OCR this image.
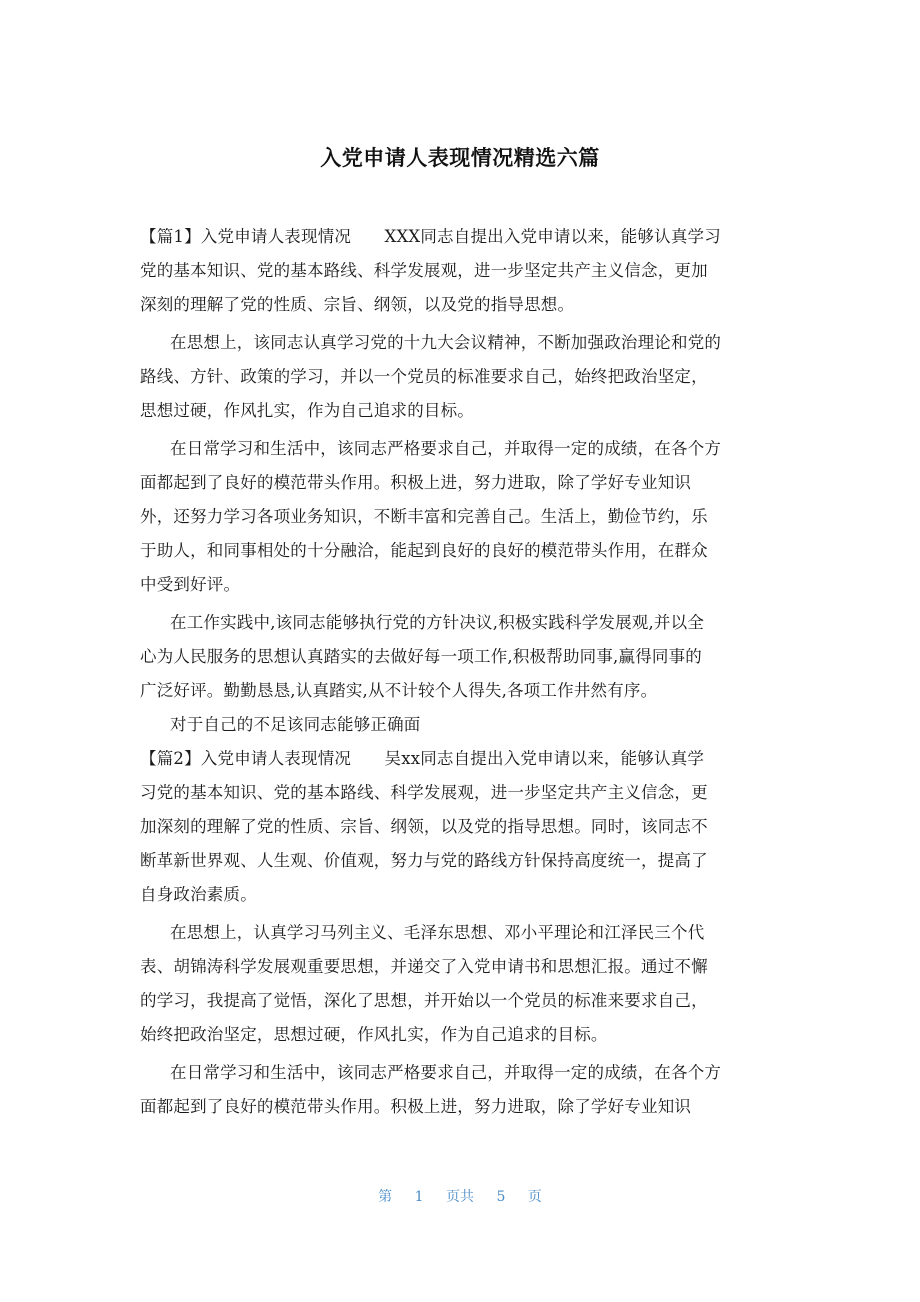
入党申请人表现情况精选六篇
【篇1】入党申请人表现情况　　XXX同志自提出入党申请以来，能够认真学习
党的基本知识、党的基本路线、科学发展观，进一步坚定共产主义信念，更加
深刻的理解了党的性质、宗旨、纲领，以及党的指导思想。
在思想上，该同志认真学习党的十九大会议精神，不断加强政治理论和党的
路线、方针、政策的学习，并以一个党员的标准要求自己，始终把政治坚定，
思想过硬，作风扎实，作为自己追求的目标。
在日常学习和生活中，该同志严格要求自己，并取得一定的成绩，在各个方
面都起到了良好的模范带头作用。积极上进，努力进取，除了学好专业知识
外，还努力学习各项业务知识，不断丰富和完善自己。生活上，勤俭节约，乐
于助人，和同事相处的十分融洽，能起到良好的良好的模范带头作用，在群众
中受到好评。
在工作实践中,该同志能够执行党的方针决议,积极实践科学发展观,并以全
心为人民服务的思想认真踏实的去做好每一项工作,积极帮助同事,赢得同事的
广泛好评。勤勤恳恳,认真踏实,从不计较个人得失,各项工作井然有序。
对于自己的不足该同志能够正确面
【篇2】入党申请人表现情况　　吴xx同志自提出入党申请以来，能够认真学
习党的基本知识、党的基本路线、科学发展观，进一步坚定共产主义信念，更
加深刻的理解了党的性质、宗旨、纲领，以及党的指导思想。同时，该同志不
断革新世界观、人生观、价值观，努力与党的路线方针保持高度统一，提高了
自身政治素质。
在思想上，认真学习马列主义、毛泽东思想、邓小平理论和江泽民三个代
表、胡锦涛科学发展观重要思想，并递交了入党申请书和思想汇报。通过不懈
的学习，我提高了觉悟，深化了思想，并开始以一个党员的标准来要求自己，
始终把政治坚定，思想过硬，作风扎实，作为自己追求的目标。
在日常学习和生活中，该同志严格要求自己，并取得一定的成绩，在各个方
面都起到了良好的模范带头作用。积极上进，努力进取，除了学好专业知识
第 1 页共 5 页
